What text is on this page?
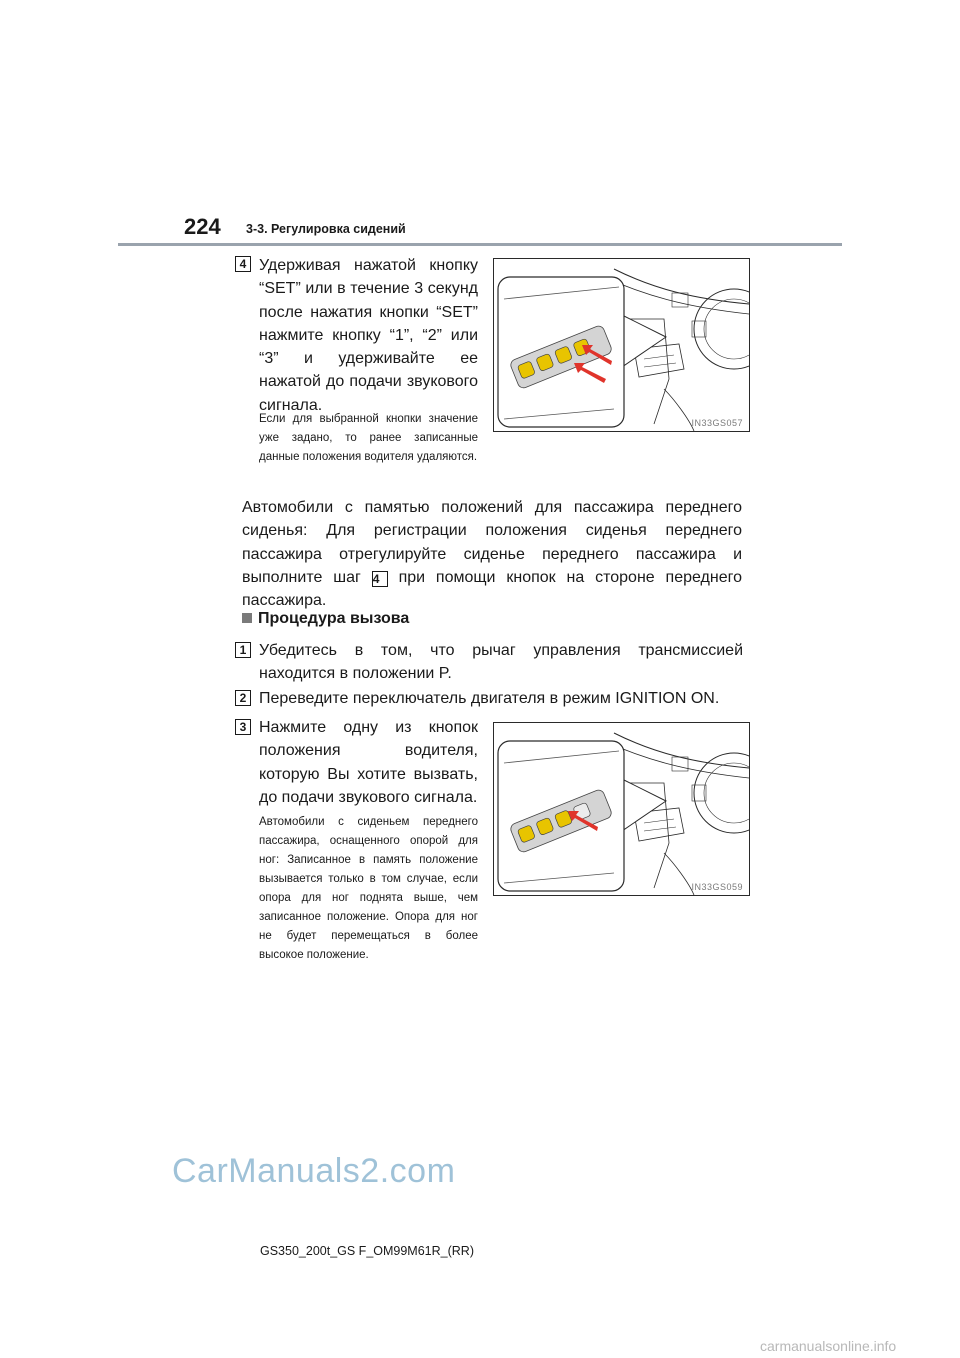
224 3-3. Регулировка сидений
4 Удерживая нажатой кнопку “SET” или в течение 3 секунд после нажатия кнопки “SET” нажмите кнопку “1”, “2” или “3” и удерживайте ее нажатой до подачи звукового сигнала.
Если для выбранной кнопки значение уже задано, то ранее записанные данные положения водителя удаляются.
IN33GS057
Автомобили с памятью положений для пассажира переднего сиденья: Для регистрации положения сиденья переднего пассажира отрегулируйте сиденье переднего пассажира и выполните шаг 4 при помощи кнопок на стороне переднего пассажира.
Процедура вызова
1 Убедитесь в том, что рычаг управления трансмиссией находится в положении P.
2 Переведите переключатель двигателя в режим IGNITION ON.
3 Нажмите одну из кнопок положения водителя, которую Вы хотите вызвать, до подачи звукового сигнала.
Автомобили с сиденьем переднего пассажира, оснащенного опорой для ног: Записанное в память положение вызывается только в том случае, если опора для ног поднята выше, чем записанное положение. Опора для ног не будет перемещаться в более высокое положение.
IN33GS059
CarManuals2.com
GS350_200t_GS F_OM99M61R_(RR)
carmanualsonline.info
